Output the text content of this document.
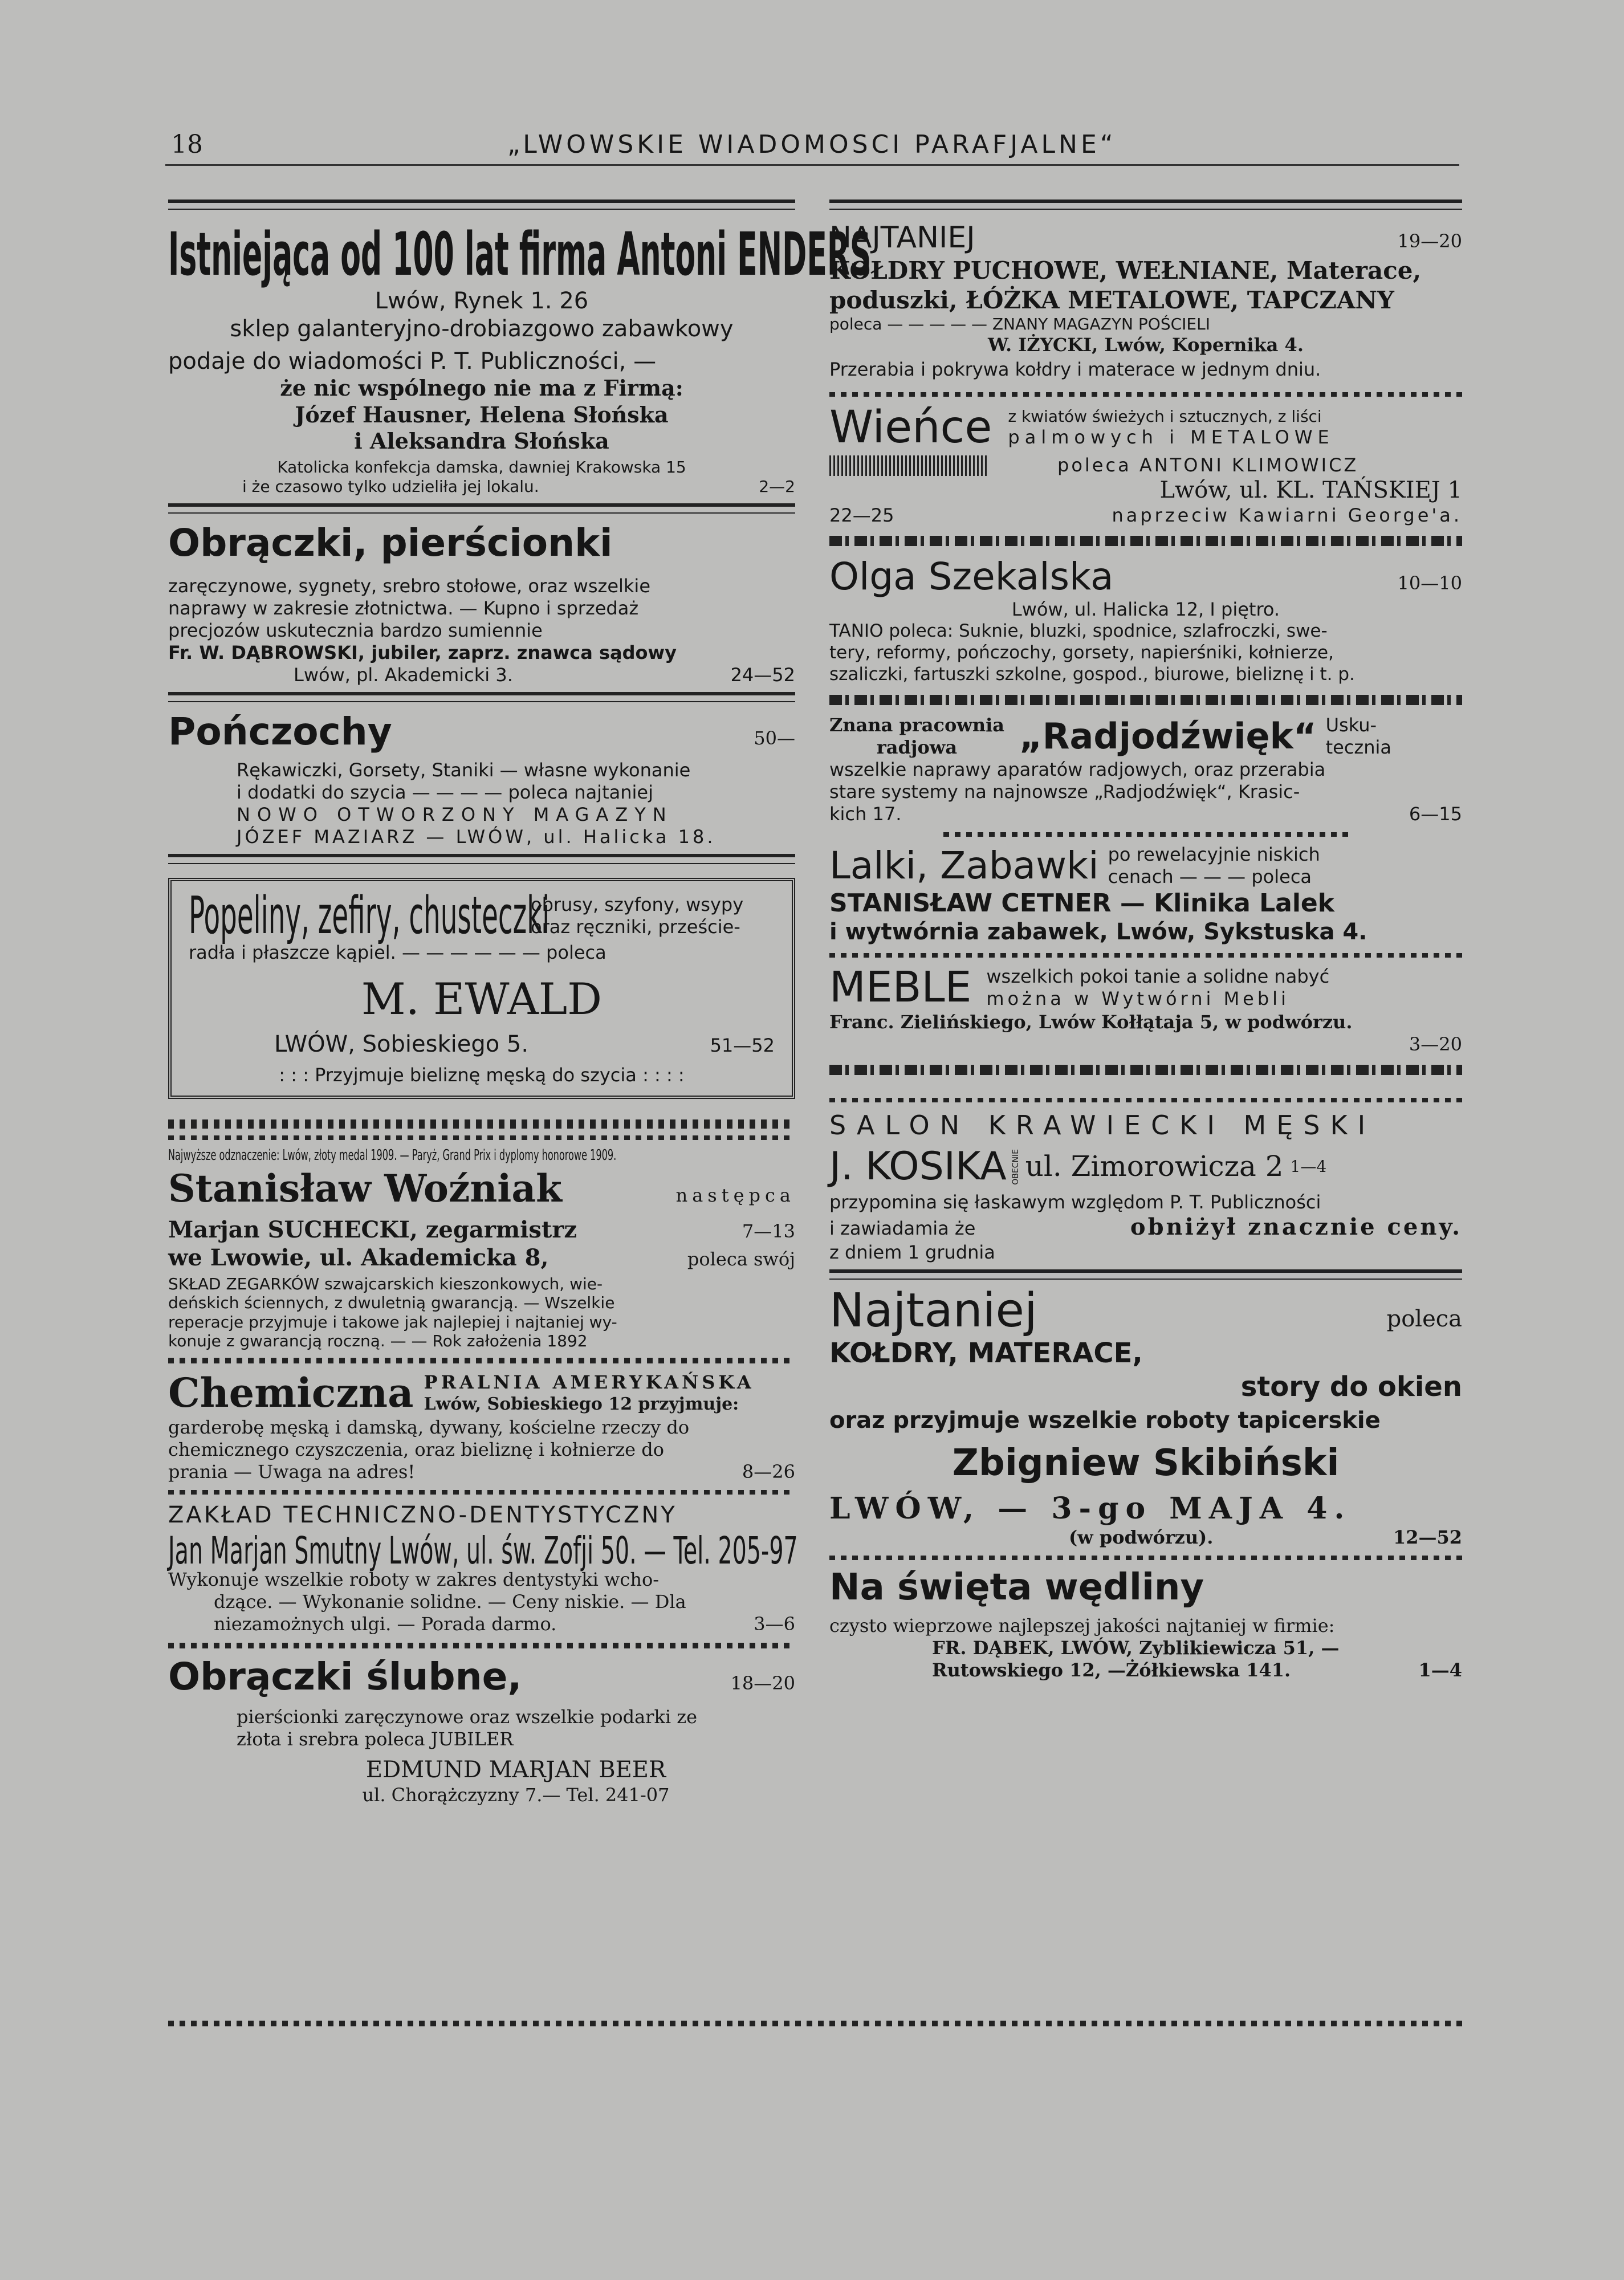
18	„LWOWSKIE WIADOMOSCI PARAFJALNE“
Istniejąca od 100 lat firma Antoni ENDERS
Lwów, Rynek 1. 26
sklep galanteryjno-drobiazgowo zabawkowy
podaje do wiadomości P. T. Publiczności, —
że nic wspólnego nie ma z Firmą:
Józef Hausner, Helena Słońska
i Aleksandra Słońska
Katolicka konfekcja damska, dawniej Krakowska 15
i że czasowo tylko udzieliła jej lokalu.	2—2
Obrączki, pierścionki
zaręczynowe, sygnety, srebro stołowe, oraz wszelkie
naprawy w zakresie złotnictwa. — Kupno i sprzedaż
precjozów uskutecznia bardzo sumiennie
Fr. W. DĄBROWSKI, jubiler, zaprz. znawca sądowy
Lwów, pl. Akademicki 3.	24—52
Pończochy	50—
Rękawiczki, Gorsety, Staniki — własne wykonanie
i dodatki do szycia — — — — poleca najtaniej
NOWO OTWORZONY MAGAZYN
JÓZEF MAZIARZ — LWÓW, ul. Halicka 18.
Popeliny, zefiry, chusteczki
obrusy, szyfony, wsypy
oraz ręczniki, przeście-
radła i płaszcze kąpiel. — — — — — — poleca
M. EWALD
LWÓW, Sobieskiego 5.	51—52
: : : Przyjmuje bieliznę męską do szycia : : : :
Najwyższe odznaczenie: Lwów, złoty medal 1909. — Paryż, Grand Prix i dyplomy honorowe 1909.
Stanisław Woźniak	następca
Marjan SUCHECKI, zegarmistrz	7—13
we Lwowie, ul. Akademicka 8,	poleca swój
SKŁAD ZEGARKÓW szwajcarskich kieszonkowych, wie-
deńskich ściennych, z dwuletnią gwarancją. — Wszelkie
reperacje przyjmuje i takowe jak najlepiej i najtaniej wy-
konuje z gwarancją roczną. — — Rok założenia 1892
Chemiczna PRALNIA AMERYKAŃSKA
Lwów, Sobieskiego 12 przyjmuje:
garderobę męską i damską, dywany, kościelne rzeczy do
chemicznego czyszczenia, oraz bieliznę i kołnierze do
prania — Uwaga na adres!	8—26
ZAKŁAD TECHNICZNO-DENTYSTYCZNY
Jan Marjan Smutny Lwów, ul. św. Zofji 50. — Tel. 205-97
Wykonuje wszelkie roboty w zakres dentystyki wcho-
dzące. — Wykonanie solidne. — Ceny niskie. — Dla
niezamożnych ulgi. — Porada darmo.	3—6
Obrączki ślubne,	18—20
pierścionki zaręczynowe oraz wszelkie podarki ze
złota i srebra poleca JUBILER
EDMUND MARJAN BEER
ul. Chorążczyzny 7.— Tel. 241-07
NAJTANIEJ	19—20
KOŁDRY PUCHOWE, WEŁNIANE, Materace,
poduszki, ŁÓŻKA METALOWE, TAPCZANY
poleca — — — — — ZNANY MAGAZYN POŚCIELI
W. IŻYCKI, Lwów, Kopernika 4.
Przerabia i pokrywa kołdry i materace w jednym dniu.
Wieńce z kwiatów świeżych i sztucznych, z liści
palmowych i METALOWE
poleca ANTONI KLIMOWICZ
Lwów, ul. KL. TAŃSKIEJ 1
22—25	naprzeciw Kawiarni George'a.
Olga Szekalska	10—10
Lwów, ul. Halicka 12, I piętro.
TANIO poleca: Suknie, bluzki, spodnice, szlafroczki, swe-
tery, reformy, pończochy, gorsety, napierśniki, kołnierze,
szaliczki, fartuszki szkolne, gospod., biurowe, bieliznę i t. p.
Znana pracownia
radjowa	„Radjodźwięk“ Usku-
tecznia
wszelkie naprawy aparatów radjowych, oraz przerabia
stare systemy na najnowsze „Radjodźwięk“, Krasic-
kich 17.	6—15
Lalki, Zabawki po rewelacyjnie niskich
cenach — — — poleca
STANISŁAW CETNER — Klinika Lalek
i wytwórnia zabawek, Lwów, Sykstuska 4.
MEBLE wszelkich pokoi tanie a solidne nabyć
można w Wytwórni Mebli
Franc. Zielińskiego, Lwów Kołłątaja 5, w podwórzu.
3—20
SALON KRAWIECKI MĘSKI
J. KOSIKA OBECNIE ul. Zimorowicza 2 1—4
przypomina się łaskawym względom P. T. Publiczności
i zawiadamia że	obniżył znacznie ceny.
z dniem 1 grudnia
Najtaniej	poleca
KOŁDRY, MATERACE,
story do okien
oraz przyjmuje wszelkie roboty tapicerskie
Zbigniew Skibiński
LWÓW, — 3-go MAJA 4.
(w podwórzu).	12—52
Na święta wędliny
czysto wieprzowe najlepszej jakości najtaniej w firmie:
FR. DĄBEK, LWÓW, Zyblikiewicza 51, —
Rutowskiego 12, —Żółkiewska 141.	1—4
